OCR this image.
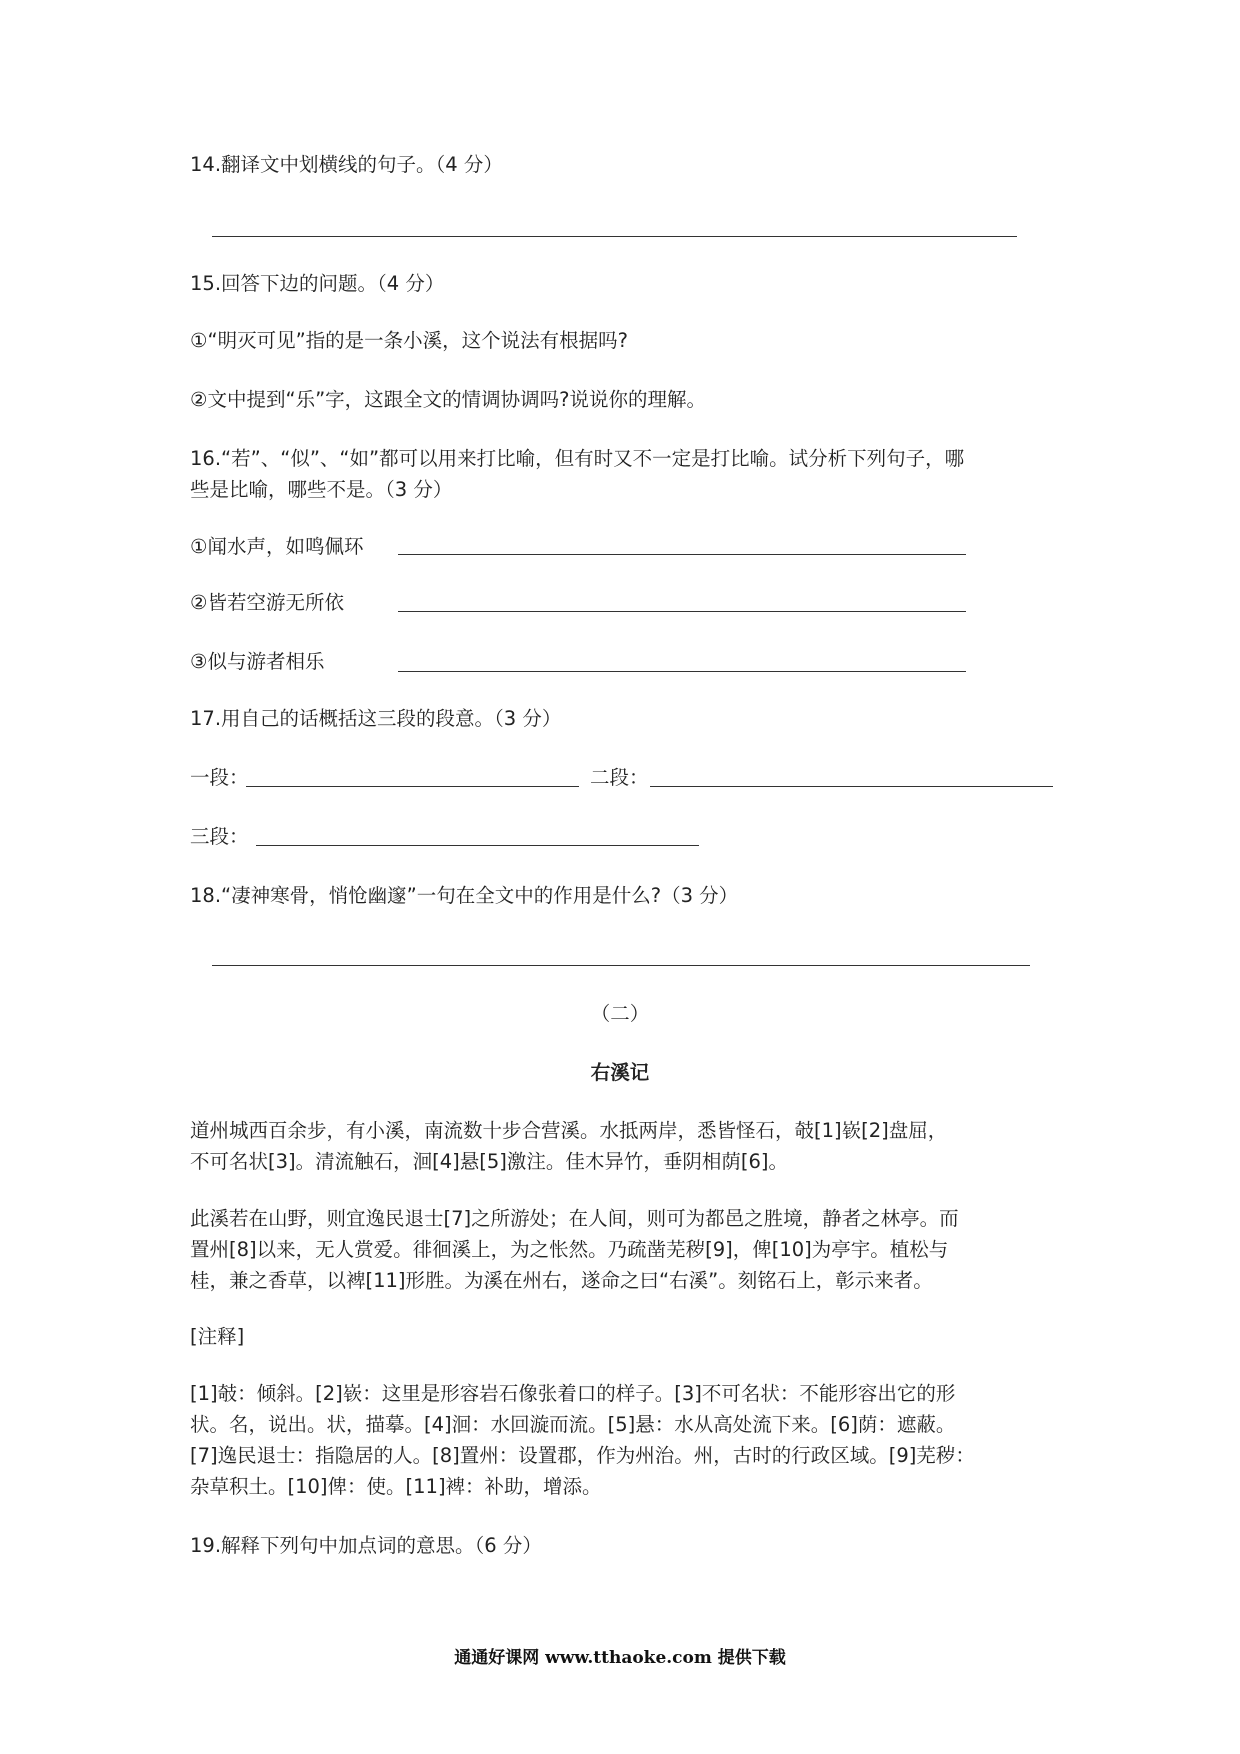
14.翻译文中划横线的句子。（4 分）
15.回答下边的问题。（4 分）
①“明灭可见”指的是一条小溪，这个说法有根据吗?
②文中提到“乐”字，这跟全文的情调协调吗?说说你的理解。
16.“若”、“似”、“如”都可以用来打比喻，但有时又不一定是打比喻。试分析下列句子，哪
些是比喻，哪些不是。（3 分）
①闻水声，如鸣佩环
②皆若空游无所依
③似与游者相乐
17.用自己的话概括这三段的段意。（3 分）
一段：	二段：
三段：
18.“凄神寒骨，悄怆幽邃”一句在全文中的作用是什么?（3 分）
（二）
右溪记
道州城西百余步，有小溪，南流数十步合营溪。水抵两岸，悉皆怪石，攲[1]嵚[2]盘屈，
不可名状[3]。清流触石，洄[4]悬[5]激注。佳木异竹，垂阴相荫[6]。
此溪若在山野，则宜逸民退士[7]之所游处；在人间，则可为都邑之胜境，静者之林亭。而
置州[8]以来，无人赏爱。徘徊溪上，为之怅然。乃疏凿芜秽[9]，俾[10]为亭宇。植松与
桂，兼之香草，以裨[11]形胜。为溪在州右，遂命之曰“右溪”。刻铭石上，彰示来者。
[注释]
[1]攲：倾斜。[2]嵚：这里是形容岩石像张着口的样子。[3]不可名状：不能形容出它的形
状。名，说出。状，描摹。[4]洄：水回漩而流。[5]悬：水从高处流下来。[6]荫：遮蔽。
[7]逸民退士：指隐居的人。[8]置州：设置郡，作为州治。州，古时的行政区域。[9]芜秽：
杂草积土。[10]俾：使。[11]裨：补助，增添。
19.解释下列句中加点词的意思。（6 分）
通通好课网 www.tthaoke.com 提供下载
